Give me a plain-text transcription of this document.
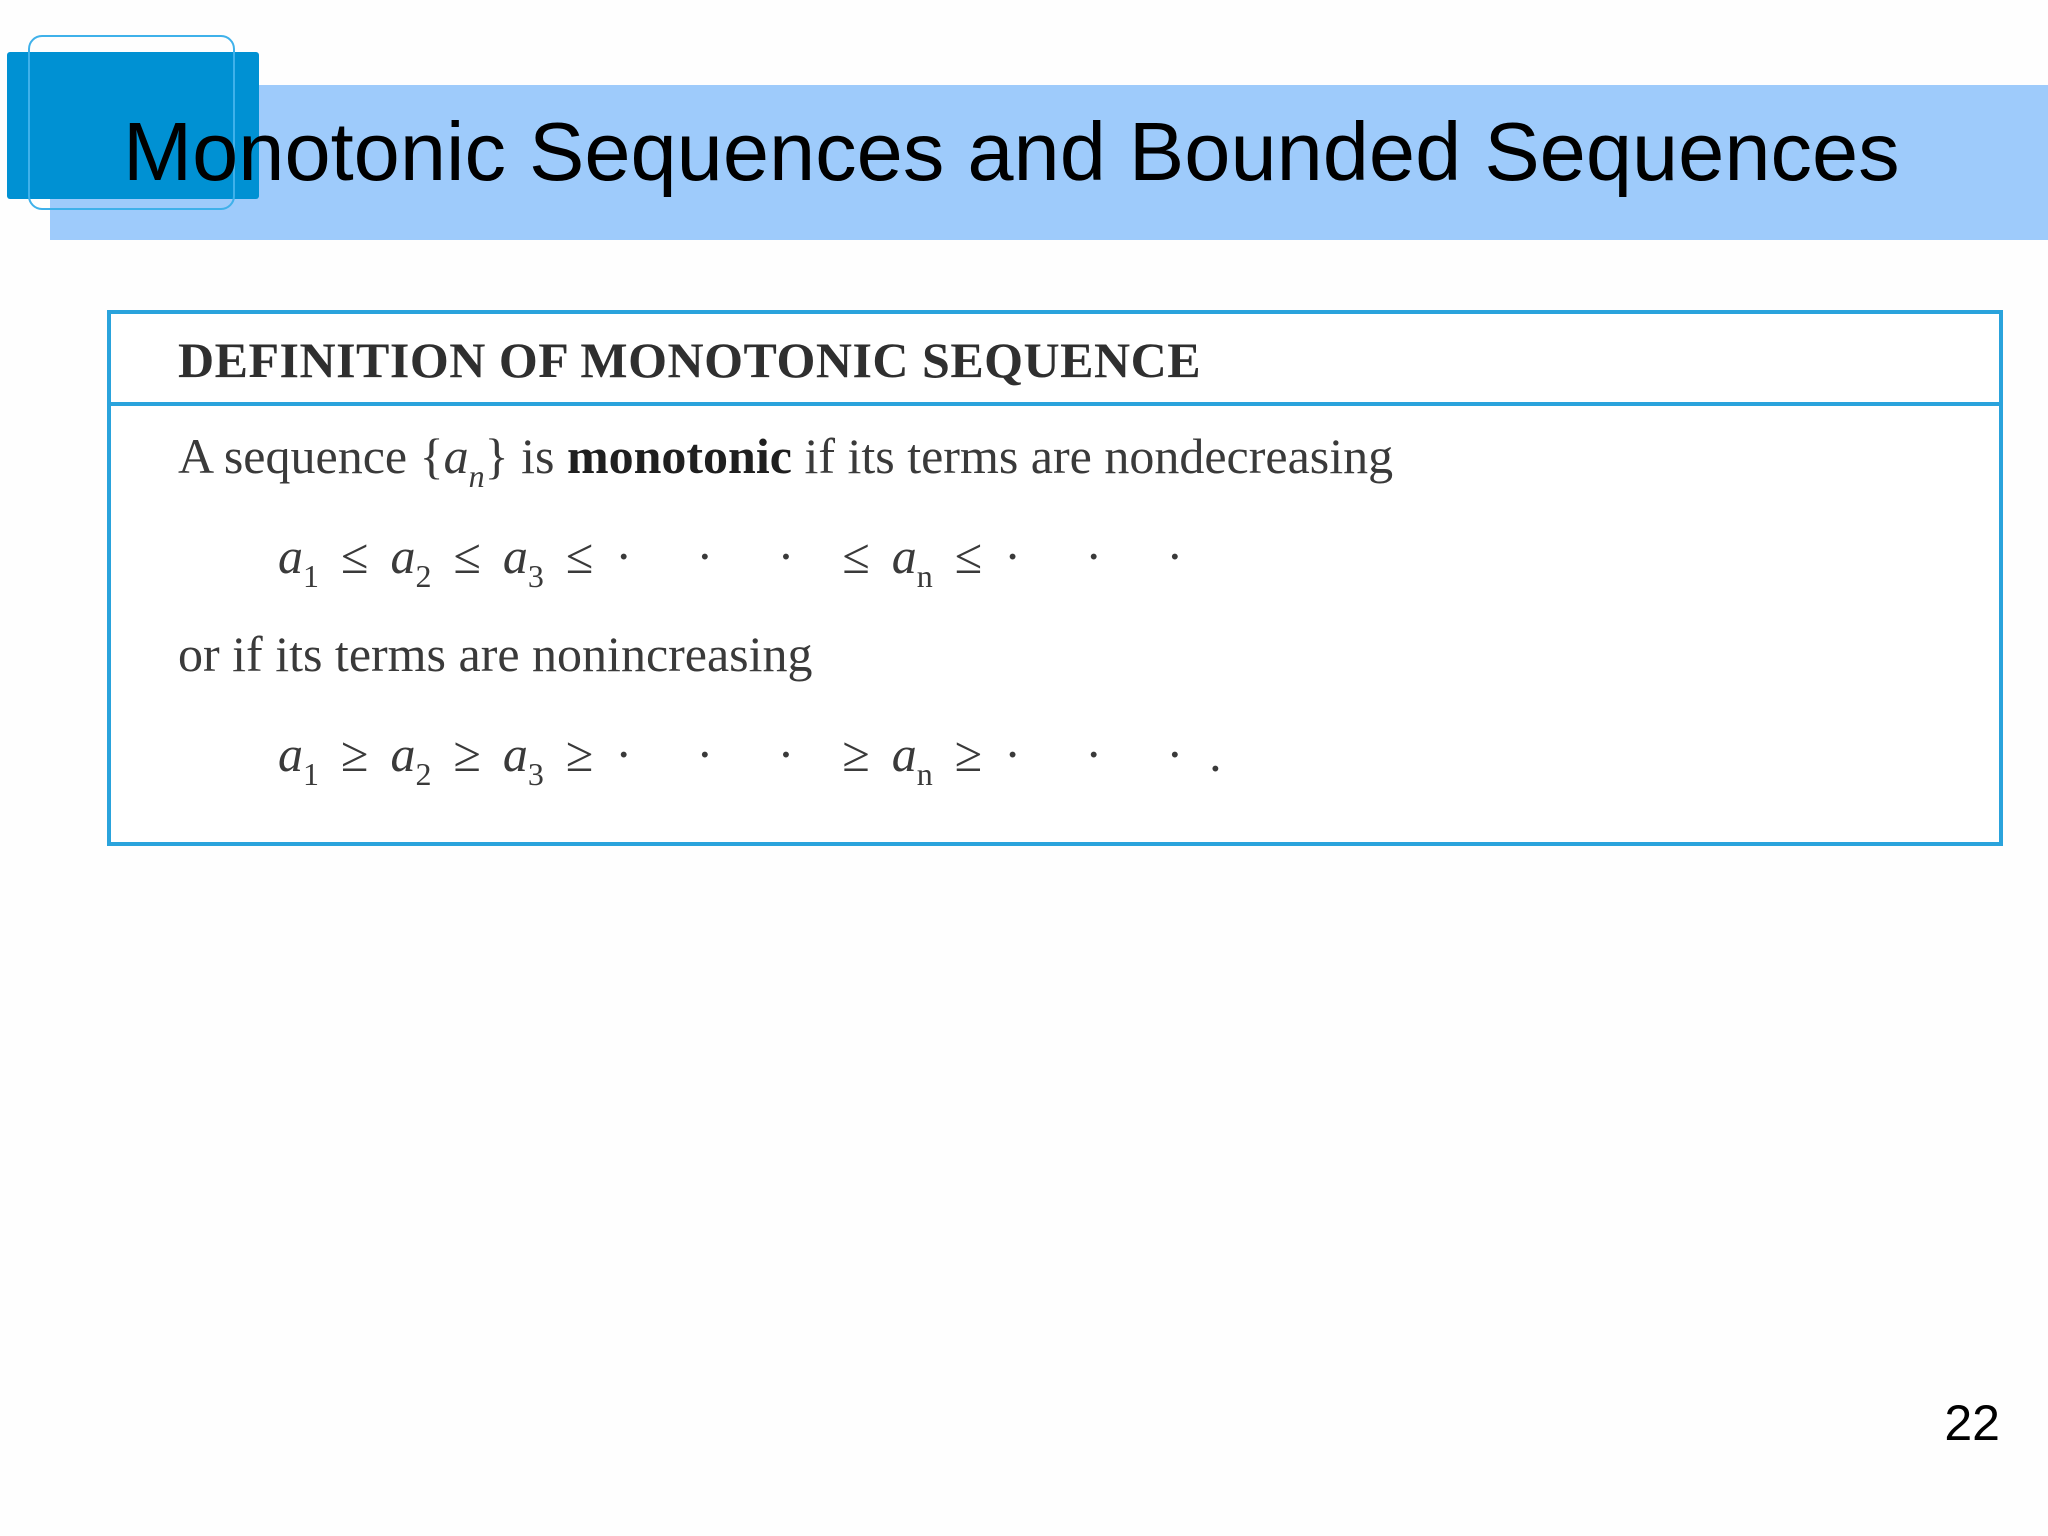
Monotonic Sequences and Bounded Sequences
DEFINITION OF MONOTONIC SEQUENCE
A sequence $\{a_n\}$ is monotonic if its terms are nondecreasing
$a_1 \le a_2 \le a_3$ ≤ · · · ≤ $a_n$ ≤ · · ·
or if its terms are nonincreasing
$a_1 \ge a_2 \ge a_3$ ≥ · · · ≥ $a_n$ ≥ · · ·.
22
